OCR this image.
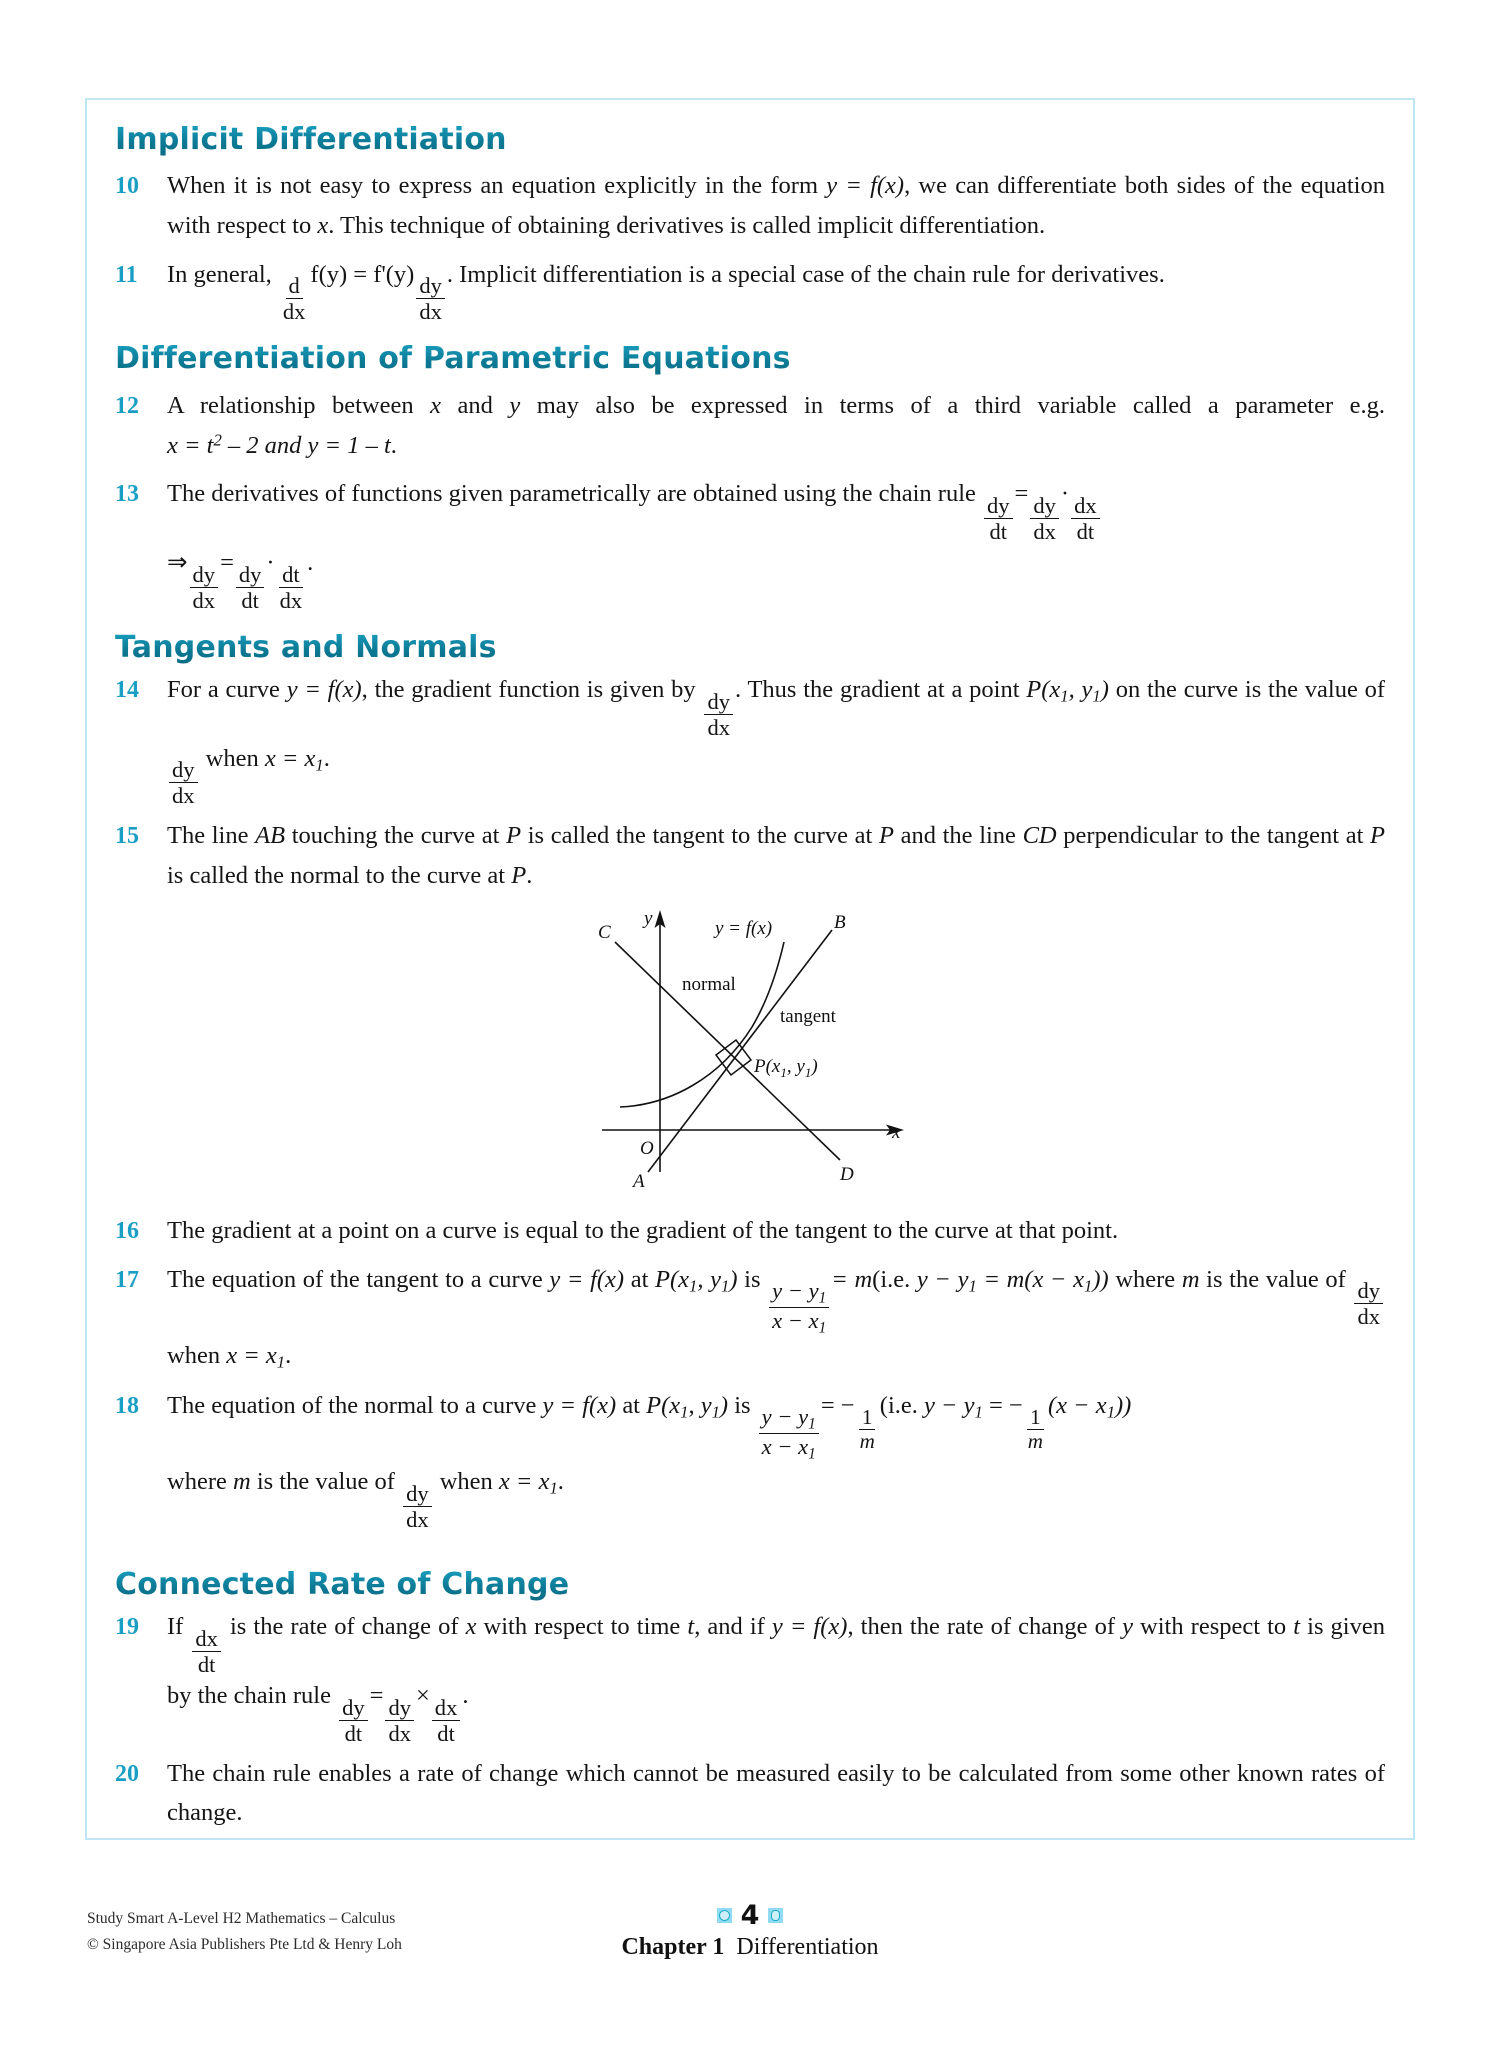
Implicit Differentiation
10	When it is not easy to express an equation explicitly in the form y = f(x), we can differentiate both sides of the equation with respect to x. This technique of obtaining derivatives is called implicit differentiation.
11	In general,
$\frac{d}{dx}$
f(y) = f'(y)
$\frac{dy}{dx}$
. Implicit differentiation is a special case of the chain rule for derivatives.
Differentiation of Parametric Equations
12	A relationship between x and y may also be expressed in terms of a third variable called a parameter e.g. $x = t^2 - 2$ and y = 1 – t.
13	The derivatives of functions given parametrically are obtained using the chain rule
$\frac{dy}{dt}$
=
$\frac{dy}{dx}$
·
$\frac{dx}{dt}$

⇒
$\frac{dy}{dx}$
=
$\frac{dy}{dt}$
·
$\frac{dt}{dx}$
.
Tangents and Normals
14	For a curve y = f(x), the gradient function is given by
$\frac{dy}{dx}$
. Thus the gradient at a point $P(x_1$, $y_1$) on the curve is the value of
$\frac{dy}{dx}$
when $x = x_1$.
15	The line AB touching the curve at P is called the tangent to the curve at P and the line CD perpendicular to the tangent at P is called the normal to the curve at P.
y
x
O
C	B
A	D
y = f(x)
normal
tangent
$P(x_1$, $y_1$)
16	The gradient at a point on a curve is equal to the gradient of the tangent to the curve at that point.
17	The equation of the tangent to a curve y = f(x) at $P(x_1$, $y_1$) is
$\frac{y - y_1}{x - x_1}$
= m(i.e. $y - y_1 = m(x - x_1)$) where m is the value of
$\frac{dy}{dx}$
when $x = x_1$.
18	The equation of the normal to a curve y = f(x) at $P(x_1$, $y_1$) is
$\frac{y - y_1}{x - x_1}$
= −
$\frac{1}{m}$
(i.e. $y - y_1$ = −
$\frac{1}{m}$
$(x - x_1)$)
where m is the value of
$\frac{dy}{dx}$
when $x = x_1$.
Connected Rate of Change
19	If
$\frac{dx}{dt}$
is the rate of change of x with respect to time t, and if y = f(x), then the rate of change of y with respect to t is given by the chain rule
$\frac{dy}{dt}$
=
$\frac{dy}{dx}$
×
$\frac{dx}{dt}$
.
20	The chain rule enables a rate of change which cannot be measured easily to be calculated from some other known rates of change.
Study Smart A-Level H2 Mathematics – Calculus
© Singapore Asia Publishers Pte Ltd & Henry Loh
4
Chapter 1 Differentiation
